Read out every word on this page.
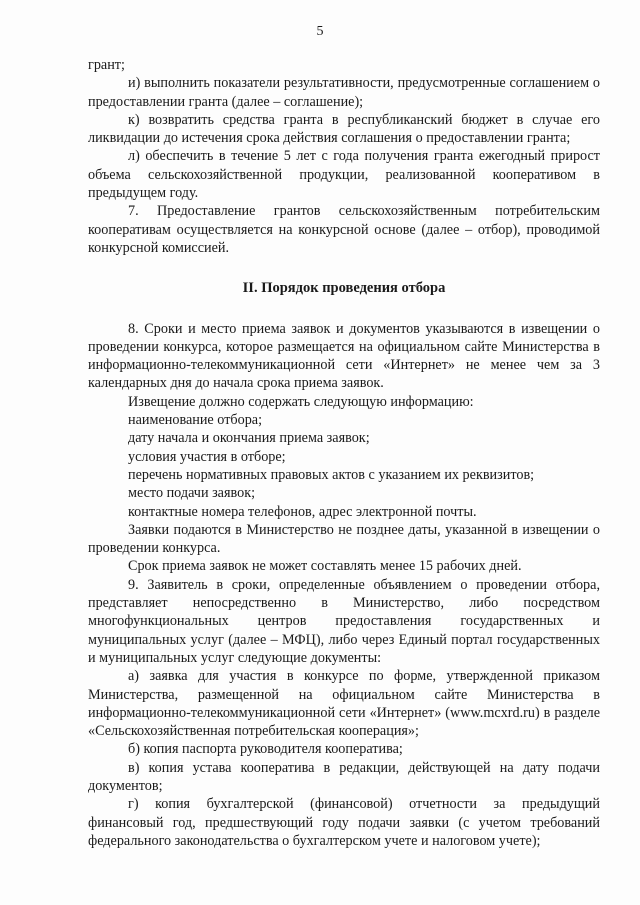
5

грант;

и) выполнить показатели результативности, предусмотренные соглашением о предоставлении гранта (далее – соглашение);

к) возвратить средства гранта в республиканский бюджет в случае его ликвидации до истечения срока действия соглашения о предоставлении гранта;

л) обеспечить в течение 5 лет с года получения гранта ежегодный прирост объема сельскохозяйственной продукции, реализованной кооперативом в предыдущем году.

7. Предоставление грантов сельскохозяйственным потребительским кооперативам осуществляется на конкурсной основе (далее – отбор), проводимой конкурсной комиссией.

II. Порядок проведения отбора

8. Сроки и место приема заявок и документов указываются в извещении о проведении конкурса, которое размещается на официальном сайте Министерства в информационно-телекоммуникационной сети «Интернет» не менее чем за 3 календарных дня до начала срока приема заявок.

Извещение должно содержать следующую информацию:

наименование отбора;

дату начала и окончания приема заявок;

условия участия в отборе;

перечень нормативных правовых актов с указанием их реквизитов;

место подачи заявок;

контактные номера телефонов, адрес электронной почты.

Заявки подаются в Министерство не позднее даты, указанной в извещении о проведении конкурса.

Срок приема заявок не может составлять менее 15 рабочих дней.

9. Заявитель в сроки, определенные объявлением о проведении отбора, представляет непосредственно в Министерство, либо посредством многофункциональных центров предоставления государственных и муниципальных услуг (далее – МФЦ), либо через Единый портал государственных и муниципальных услуг следующие документы:

а) заявка для участия в конкурсе по форме, утвержденной приказом Министерства, размещенной на официальном сайте Министерства в информационно-телекоммуникационной сети «Интернет» (www.mcxrd.ru) в разделе «Сельскохозяйственная потребительская кооперация»;

б) копия паспорта руководителя кооператива;

в) копия устава кооператива в редакции, действующей на дату подачи документов;

г) копия бухгалтерской (финансовой) отчетности за предыдущий финансовый год, предшествующий году подачи заявки (с учетом требований федерального законодательства о бухгалтерском учете и налоговом учете);
